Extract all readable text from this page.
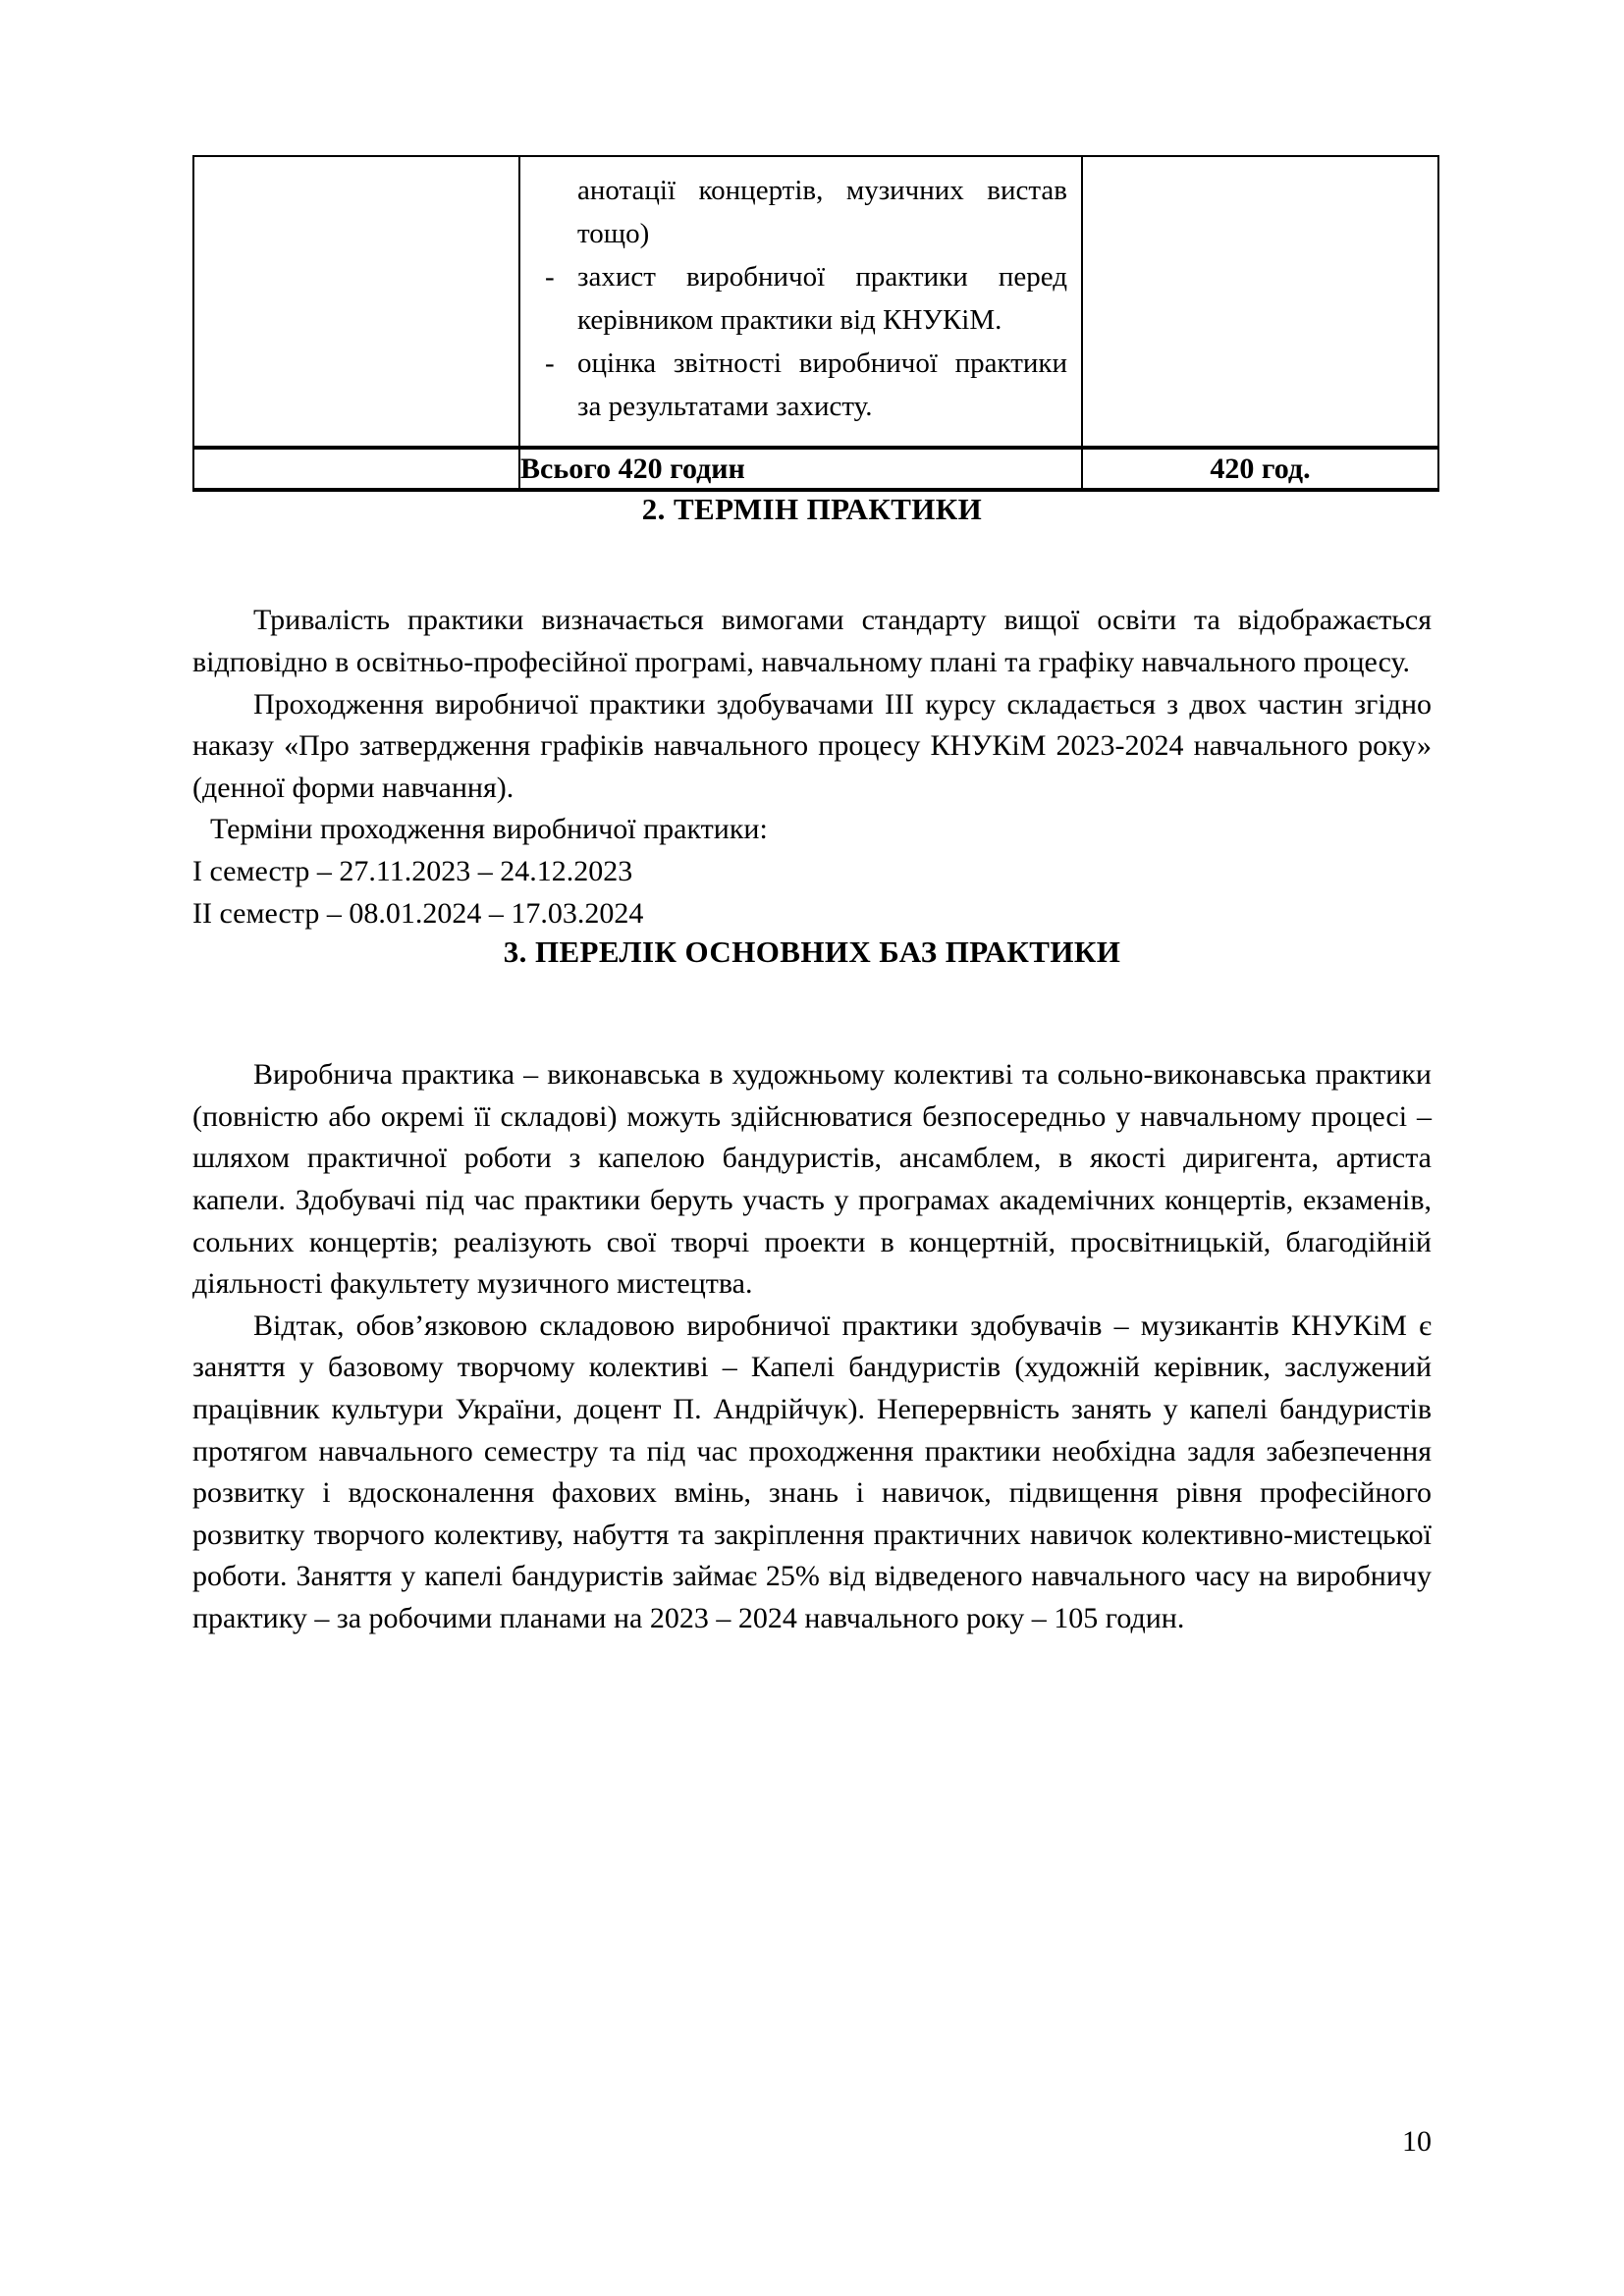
анотації концертів, музичних вистав тощо)
- захист виробничої практики перед керівником практики від КНУКіМ.
- оцінка звітності виробничої практики за результатами захисту.

	Всього 420 годин	420 год.
2. ТЕРМІН ПРАКТИКИ

Тривалість практики визначається вимогами стандарту вищої освіти та відображається відповідно в освітньо-професійної програмі, навчальному плані та графіку навчального процесу.

Проходження виробничої практики здобувачами ІІІ курсу складається з двох частин згідно наказу «Про затвердження графіків навчального процесу КНУКіМ 2023-2024 навчального року» (денної форми навчання).

Терміни проходження виробничої практики:

І семестр – 27.11.2023 – 24.12.2023

ІІ семестр – 08.01.2024 – 17.03.2024

3. ПЕРЕЛІК ОСНОВНИХ БАЗ ПРАКТИКИ

Виробнича практика – виконавська в художньому колективі та сольно-виконавська практики (повністю або окремі її складові) можуть здійснюватися безпосередньо у навчальному процесі – шляхом практичної роботи з капелою бандуристів, ансамблем, в якості диригента, артиста капели. Здобувачі під час практики беруть участь у програмах академічних концертів, екзаменів, сольних концертів; реалізують свої творчі проекти в концертній, просвітницькій, благодійній діяльності факультету музичного мистецтва.

Відтак, обов’язковою складовою виробничої практики здобувачів – музикантів КНУКіМ є заняття у базовому творчому колективі – Капелі бандуристів (художній керівник, заслужений працівник культури України, доцент П. Андрійчук). Неперервність занять у капелі бандуристів протягом навчального семестру та під час проходження практики необхідна задля забезпечення розвитку і вдосконалення фахових вмінь, знань і навичок, підвищення рівня професійного розвитку творчого колективу, набуття та закріплення практичних навичок колективно-мистецької роботи. Заняття у капелі бандуристів займає 25% від відведеного навчального часу на виробничу практику – за робочими планами на 2023 – 2024 навчального року – 105 годин.

10
